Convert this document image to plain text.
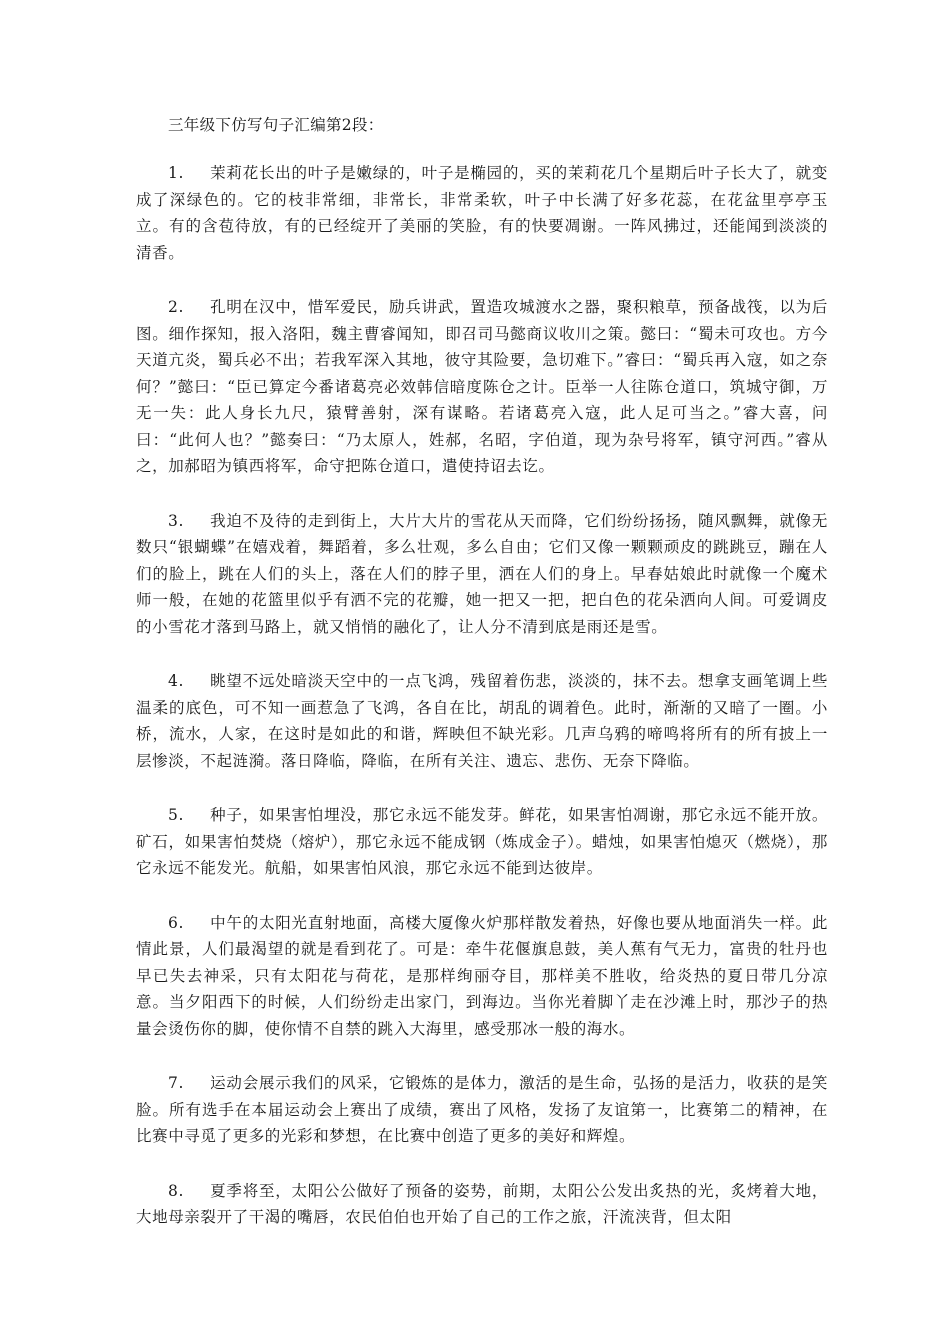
三年级下仿写句子汇编第2段：

1. 茉莉花长出的叶子是嫩绿的，叶子是椭园的，买的茉莉花几个星期后叶子长大了，就变成了深绿色的。它的枝非常细，非常长，非常柔软，叶子中长满了好多花蕊，在花盆里亭亭玉立。有的含苞待放，有的已经绽开了美丽的笑脸，有的快要凋谢。一阵风拂过，还能闻到淡淡的清香。

2. 孔明在汉中，惜军爱民，励兵讲武，置造攻城渡水之器，聚积粮草，预备战筏，以为后图。细作探知，报入洛阳，魏主曹睿闻知，即召司马懿商议收川之策。懿曰：“蜀未可攻也。方今天道亢炎，蜀兵必不出；若我军深入其地，彼守其险要，急切难下。”睿曰：“蜀兵再入寇，如之奈何？”懿曰：“臣已算定今番诸葛亮必效韩信暗度陈仓之计。臣举一人往陈仓道口，筑城守御，万无一失：此人身长九尺，猿臂善射，深有谋略。若诸葛亮入寇，此人足可当之。”睿大喜，问曰：“此何人也？”懿奏曰：“乃太原人，姓郝，名昭，字伯道，现为杂号将军，镇守河西。”睿从之，加郝昭为镇西将军，命守把陈仓道口，遣使持诏去讫。

3. 我迫不及待的走到街上，大片大片的雪花从天而降，它们纷纷扬扬，随风飘舞，就像无数只“银蝴蝶”在嬉戏着，舞蹈着，多么壮观，多么自由；它们又像一颗颗顽皮的跳跳豆，蹦在人们的脸上，跳在人们的头上，落在人们的脖子里，洒在人们的身上。早春姑娘此时就像一个魔术师一般，在她的花篮里似乎有洒不完的花瓣，她一把又一把，把白色的花朵洒向人间。可爱调皮的小雪花才落到马路上，就又悄悄的融化了，让人分不清到底是雨还是雪。

4. 眺望不远处暗淡天空中的一点飞鸿，残留着伤悲，淡淡的，抹不去。想拿支画笔调上些温柔的底色，可不知一画惹急了飞鸿，各自在比，胡乱的调着色。此时，渐渐的又暗了一圈。小桥，流水，人家，在这时是如此的和谐，辉映但不缺光彩。几声乌鸦的啼鸣将所有的所有披上一层惨淡，不起涟漪。落日降临，降临，在所有关注、遗忘、悲伤、无奈下降临。

5. 种子，如果害怕埋没，那它永远不能发芽。鲜花，如果害怕凋谢，那它永远不能开放。矿石，如果害怕焚烧（熔炉），那它永远不能成钢（炼成金子）。蜡烛，如果害怕熄灭（燃烧），那它永远不能发光。航船，如果害怕风浪，那它永远不能到达彼岸。

6. 中午的太阳光直射地面，高楼大厦像火炉那样散发着热，好像也要从地面消失一样。此情此景，人们最渴望的就是看到花了。可是：牵牛花偃旗息鼓，美人蕉有气无力，富贵的牡丹也早已失去神采，只有太阳花与荷花，是那样绚丽夺目，那样美不胜收，给炎热的夏日带几分凉意。当夕阳西下的时候，人们纷纷走出家门，到海边。当你光着脚丫走在沙滩上时，那沙子的热量会烫伤你的脚，使你情不自禁的跳入大海里，感受那冰一般的海水。

7. 运动会展示我们的风采，它锻炼的是体力，激活的是生命，弘扬的是活力，收获的是笑脸。所有选手在本届运动会上赛出了成绩，赛出了风格，发扬了友谊第一，比赛第二的精神，在比赛中寻觅了更多的光彩和梦想，在比赛中创造了更多的美好和辉煌。

8. 夏季将至，太阳公公做好了预备的姿势，前期，太阳公公发出炙热的光，炙烤着大地，大地母亲裂开了干渴的嘴唇，农民伯伯也开始了自己的工作之旅，汗流浃背，但太阳
